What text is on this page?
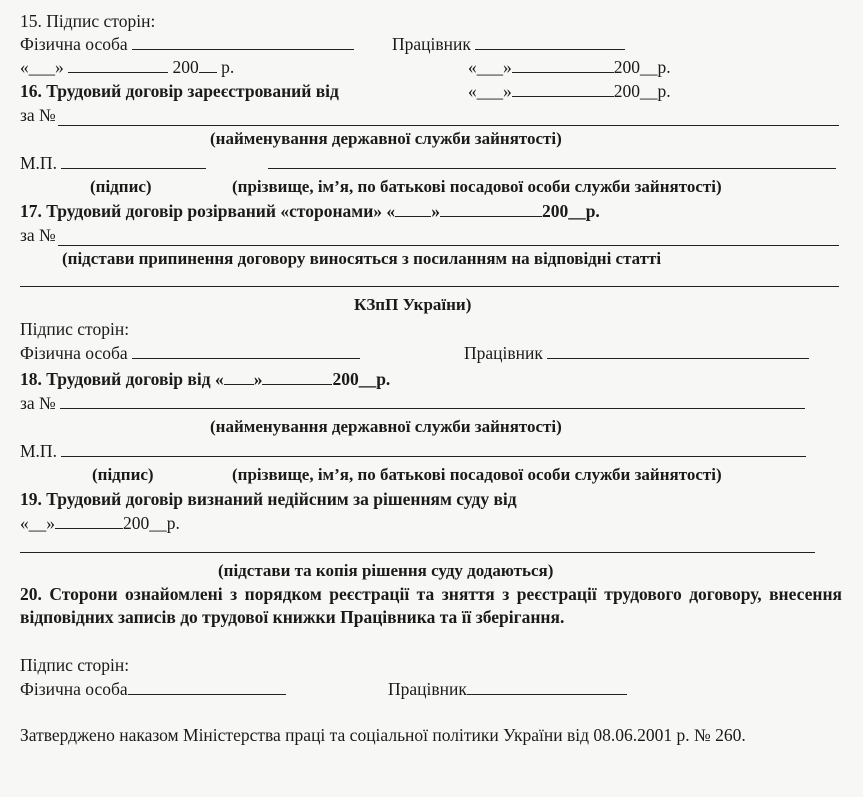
15. Підпис сторін:
Фізична особа	Працівник
«___»	200 р.	«___»	200__р.
16. Трудовий договір зареєстрований від	«___»	200__р.
за №
(найменування державної служби зайнятості)
М.П.
(підпис)	(прізвище, ім’я, по батькові посадової особи служби зайнятості)
17. Трудовий договір розірваний «сторонами» « »	200__р.
за №
(підстави припинення договору виносяться з посиланням на відповідні статті
КЗпП України)
Підпис сторін:
Фізична особа	Працівник
18. Трудовий договір від « »	200__р.
за №
(найменування державної служби зайнятості)
М.П.
(підпис)	(прізвище, ім’я, по батькові посадової особи служби зайнятості)
19. Трудовий договір визнаний недійсним за рішенням суду від
«__»	200__р.
(підстави та копія рішення суду додаються)
20. Сторони ознайомлені з порядком реєстрації та зняття з реєстрації трудового договору, внесення відповідних записів до трудової книжки Працівника та її зберігання.
Підпис сторін:
Фізична особа	Працівник
Затверджено наказом Міністерства праці та соціальної політики України від 08.06.2001 р. № 260.
